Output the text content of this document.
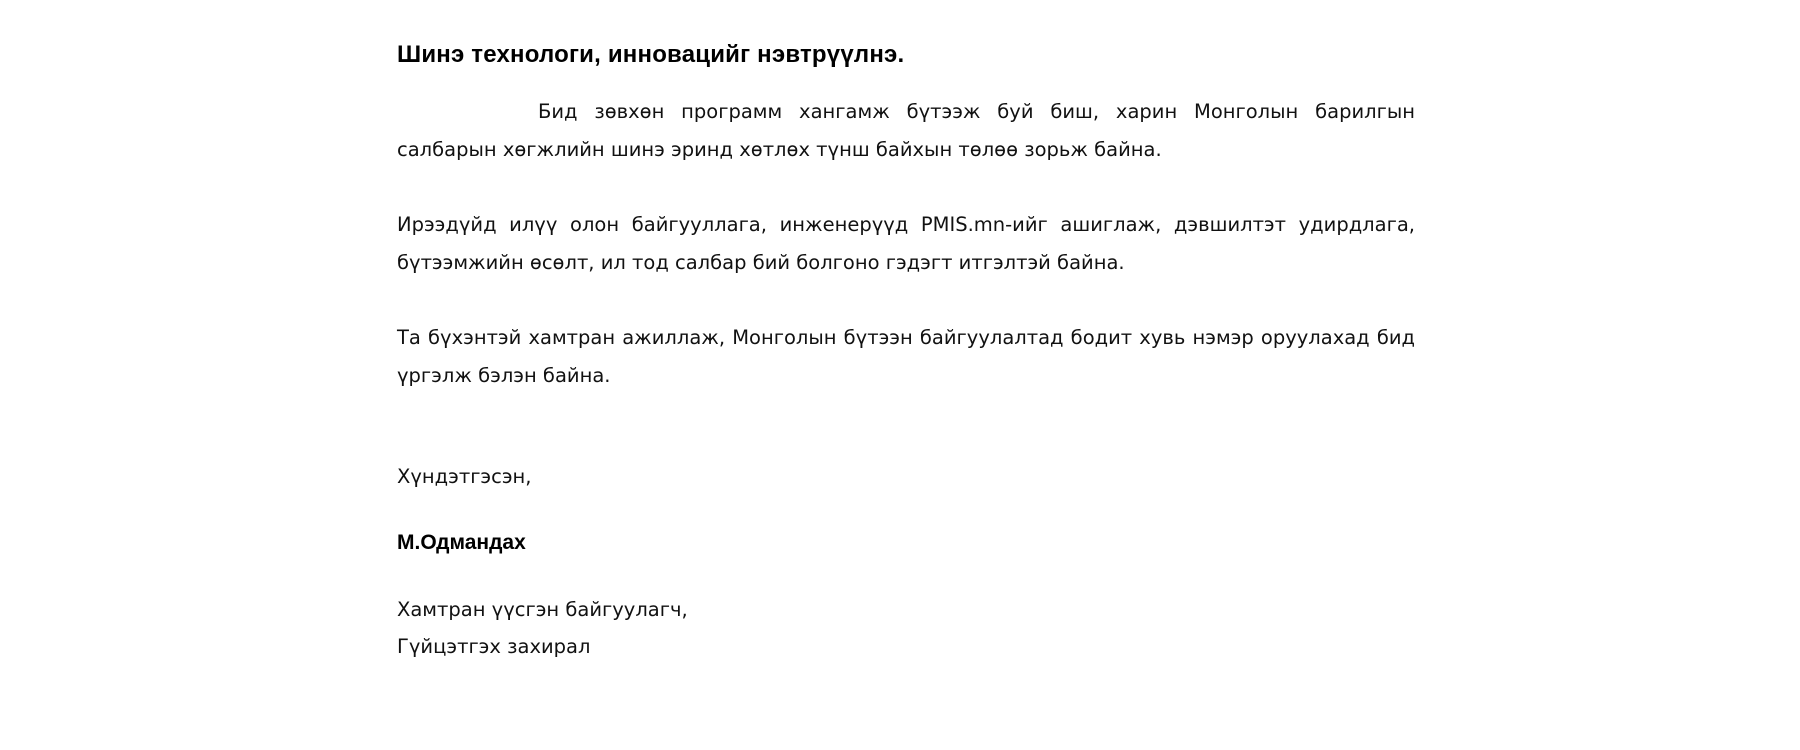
Шинэ технологи, инновацийг нэвтрүүлнэ.

Бид зөвхөн программ хангамж бүтээж буй биш, харин Монголын барилгын салбарын хөгжлийн шинэ эринд хөтлөх түнш байхын төлөө зорьж байна.

Ирээдүйд илүү олон байгууллага, инженерүүд PMIS.mn-ийг ашиглаж, дэвшилтэт удирдлага, бүтээмжийн өсөлт, ил тод салбар бий болгоно гэдэгт итгэлтэй байна.

Та бүхэнтэй хамтран ажиллаж, Монголын бүтээн байгуулалтад бодит хувь нэмэр оруулахад бид үргэлж бэлэн байна.

Хүндэтгэсэн,

М.Одмандах

Хамтран үүсгэн байгуулагч,

Гүйцэтгэх захирал
